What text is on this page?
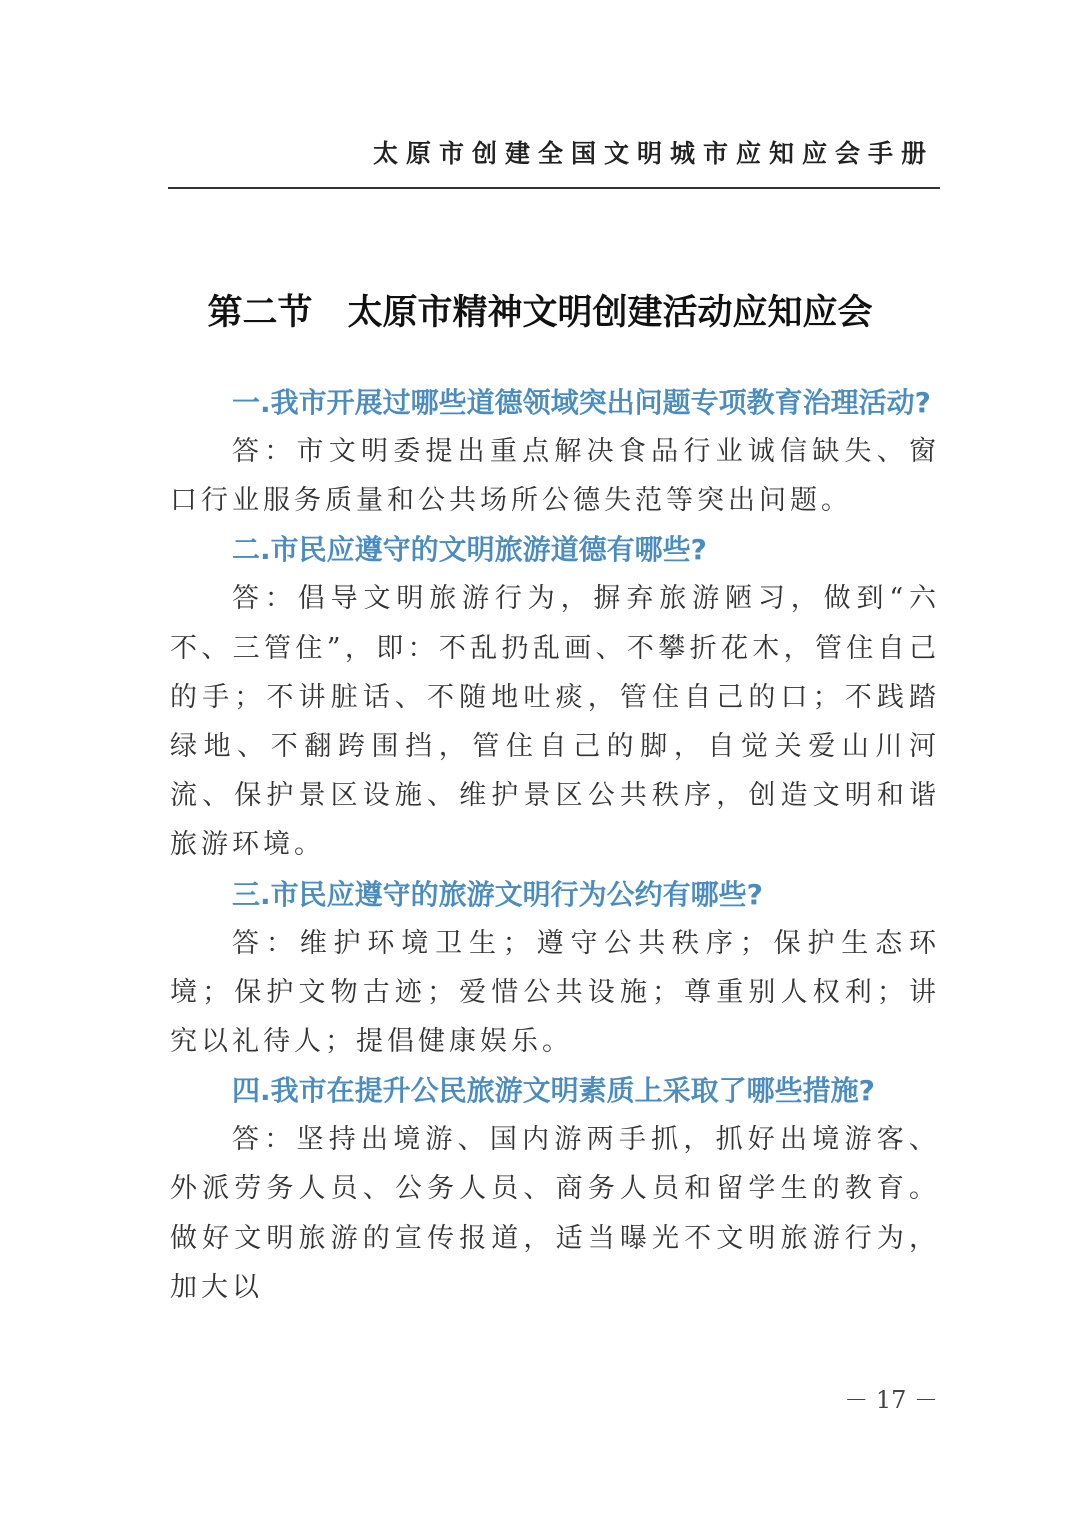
太原市创建全国文明城市应知应会手册
第二节　太原市精神文明创建活动应知应会

一.我市开展过哪些道德领域突出问题专项教育治理活动?

答：市文明委提出重点解决食品行业诚信缺失、窗口行业服务质量和公共场所公德失范等突出问题。

二.市民应遵守的文明旅游道德有哪些?

答：倡导文明旅游行为，摒弃旅游陋习，做到“六不、三管住”，即：不乱扔乱画、不攀折花木，管住自己的手；不讲脏话、不随地吐痰，管住自己的口；不践踏绿地、不翻跨围挡，管住自己的脚，自觉关爱山川河流、保护景区设施、维护景区公共秩序，创造文明和谐旅游环境。

三.市民应遵守的旅游文明行为公约有哪些?

答：维护环境卫生；遵守公共秩序；保护生态环境；保护文物古迹；爱惜公共设施；尊重别人权利；讲究以礼待人；提倡健康娱乐。

四.我市在提升公民旅游文明素质上采取了哪些措施?

答：坚持出境游、国内游两手抓，抓好出境游客、外派劳务人员、公务人员、商务人员和留学生的教育。做好文明旅游的宣传报道，适当曝光不文明旅游行为，加大以

－ 17 －
